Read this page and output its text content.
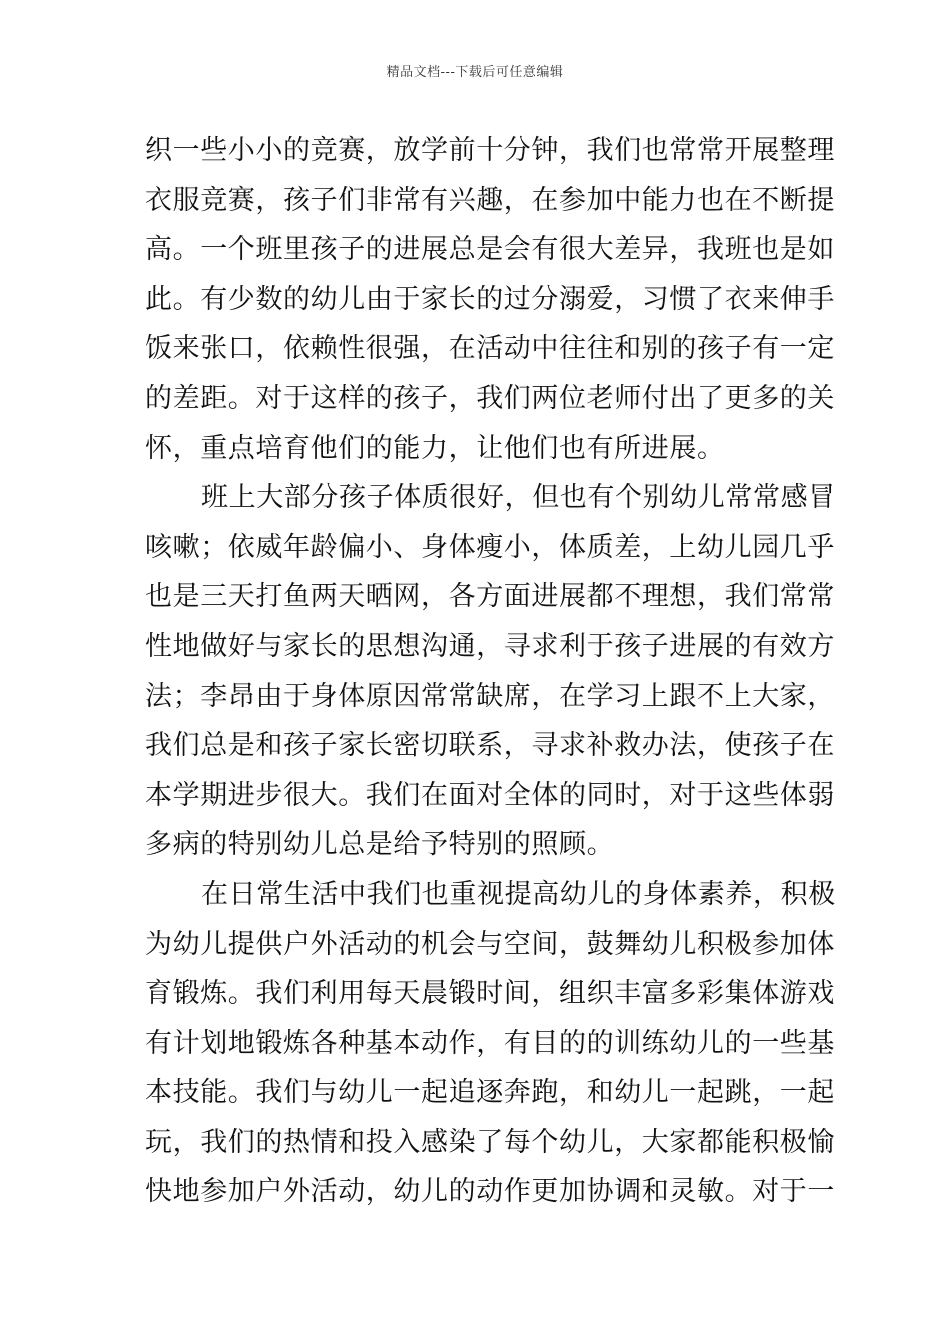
精品文档---下载后可任意编辑
织一些小小的竞赛，放学前十分钟，我们也常常开展整理
衣服竞赛，孩子们非常有兴趣，在参加中能力也在不断提
高。一个班里孩子的进展总是会有很大差异，我班也是如
此。有少数的幼儿由于家长的过分溺爱，习惯了衣来伸手
饭来张口，依赖性很强，在活动中往往和别的孩子有一定
的差距。对于这样的孩子，我们两位老师付出了更多的关
怀，重点培育他们的能力，让他们也有所进展。
班上大部分孩子体质很好，但也有个别幼儿常常感冒
咳嗽；依威年龄偏小、身体瘦小，体质差，上幼儿园几乎
也是三天打鱼两天晒网，各方面进展都不理想，我们常常
性地做好与家长的思想沟通，寻求利于孩子进展的有效方
法；李昂由于身体原因常常缺席，在学习上跟不上大家，
我们总是和孩子家长密切联系，寻求补救办法，使孩子在
本学期进步很大。我们在面对全体的同时，对于这些体弱
多病的特别幼儿总是给予特别的照顾。
在日常生活中我们也重视提高幼儿的身体素养，积极
为幼儿提供户外活动的机会与空间，鼓舞幼儿积极参加体
育锻炼。我们利用每天晨锻时间，组织丰富多彩集体游戏
有计划地锻炼各种基本动作，有目的的训练幼儿的一些基
本技能。我们与幼儿一起追逐奔跑，和幼儿一起跳，一起
玩，我们的热情和投入感染了每个幼儿，大家都能积极愉
快地参加户外活动，幼儿的动作更加协调和灵敏。对于一
